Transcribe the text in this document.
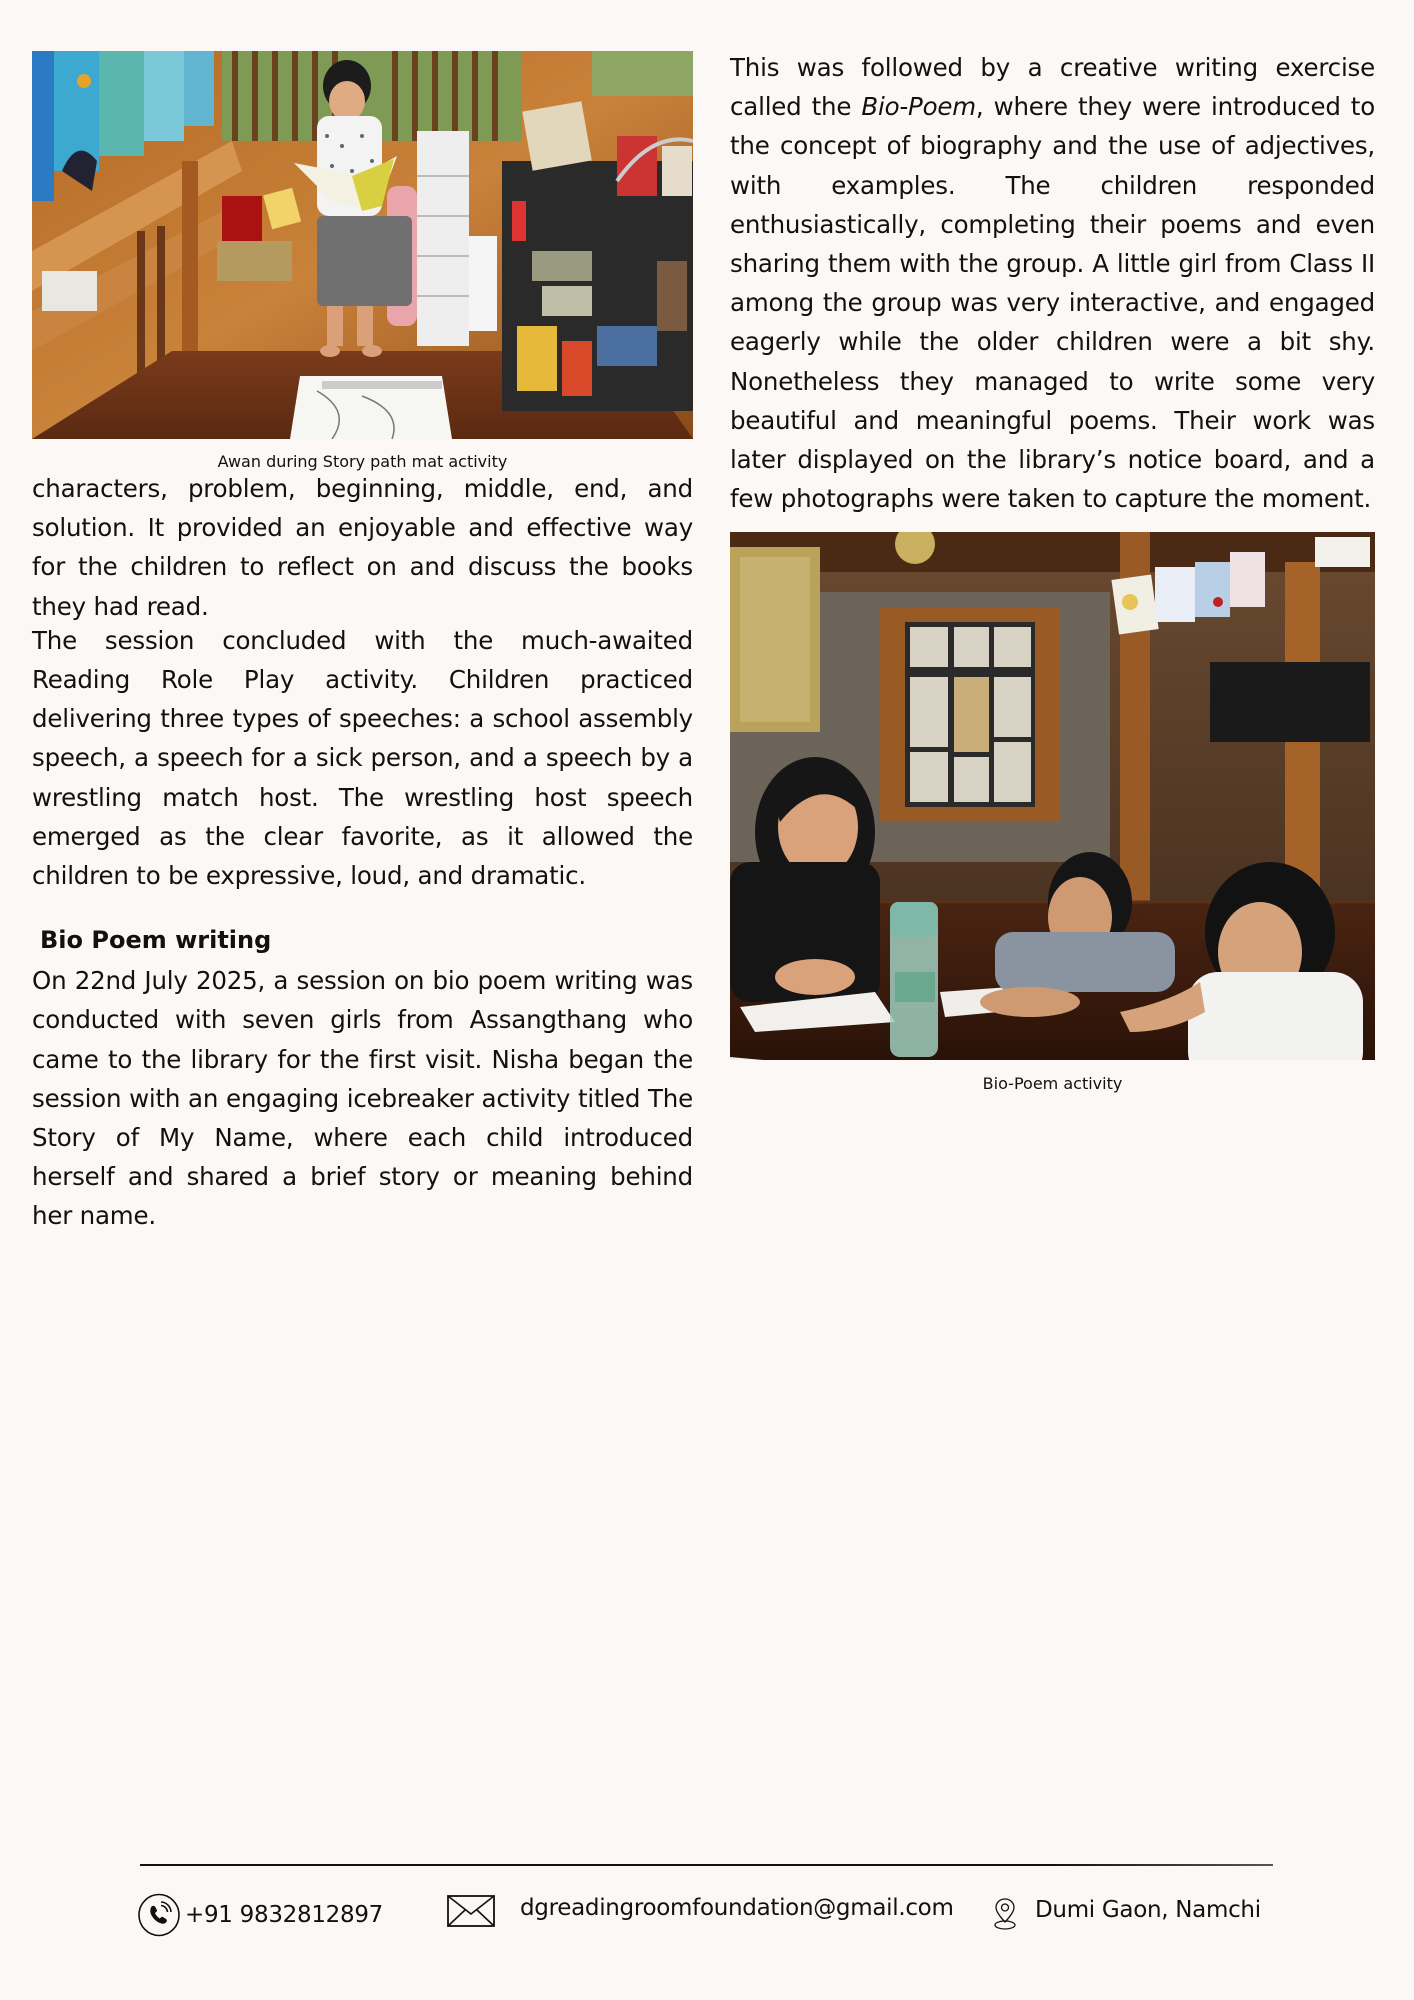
Awan during Story path mat activity

characters, problem, beginning, middle, end, and solution. It provided an enjoyable and effective way for the children to reflect on and discuss the books they had read.

The session concluded with the much-awaited Reading Role Play activity. Children practiced delivering three types of speeches: a school assembly speech, a speech for a sick person, and a speech by a wrestling match host. The wrestling host speech emerged as the clear favorite, as it allowed the children to be expressive, loud, and dramatic.

Bio Poem writing

On 22nd July 2025, a session on bio poem writing was conducted with seven girls from Assangthang who came to the library for the first visit. Nisha began the session with an engaging icebreaker activity titled The Story of My Name, where each child introduced herself and shared a brief story or meaning behind her name.

This was followed by a creative writing exercise called the Bio-Poem, where they were introduced to the concept of biography and the use of adjectives, with examples. The children responded enthusiastically, completing their poems and even sharing them with the group. A little girl from Class II among the group was very interactive, and engaged eagerly while the older children were a bit shy. Nonetheless they managed to write some very beautiful and meaningful poems. Their work was later displayed on the library’s notice board, and a few photographs were taken to capture the moment.

Bio-Poem activity
+91 9832812897	dgreadingroomfoundation@gmail.com	Dumi Gaon, Namchi
